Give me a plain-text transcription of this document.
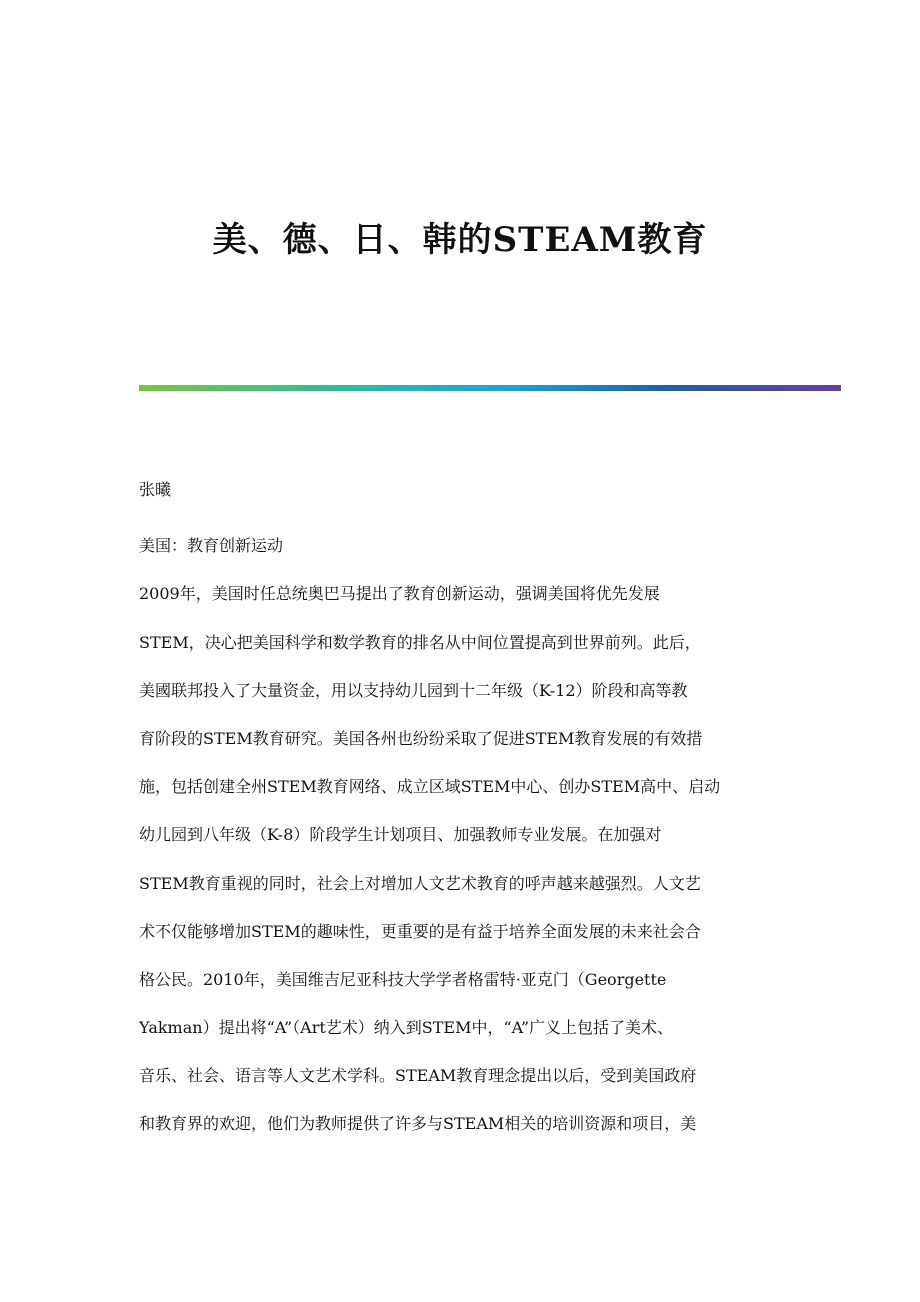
美、德、日、韩的STEAM教育

张曦

美国：教育创新运动

2009年，美国时任总统奥巴马提出了教育创新运动，强调美国将优先发展

STEM，决心把美国科学和数学教育的排名从中间位置提高到世界前列。此后，

美國联邦投入了大量资金，用以支持幼儿园到十二年级（K-12）阶段和高等教

育阶段的STEM教育研究。美国各州也纷纷采取了促进STEM教育发展的有效措

施，包括创建全州STEM教育网络、成立区域STEM中心、创办STEM高中、启动

幼儿园到八年级（K-8）阶段学生计划项目、加强教师专业发展。在加强对

STEM教育重视的同时，社会上对增加人文艺术教育的呼声越来越强烈。人文艺

术不仅能够增加STEM的趣味性，更重要的是有益于培养全面发展的未来社会合

格公民。2010年，美国维吉尼亚科技大学学者格雷特·亚克门（Georgette

Yakman）提出将“A”（Art艺术）纳入到STEM中，“A”广义上包括了美术、

音乐、社会、语言等人文艺术学科。STEAM教育理念提出以后，受到美国政府

和教育界的欢迎，他们为教师提供了许多与STEAM相关的培训资源和项目，美
